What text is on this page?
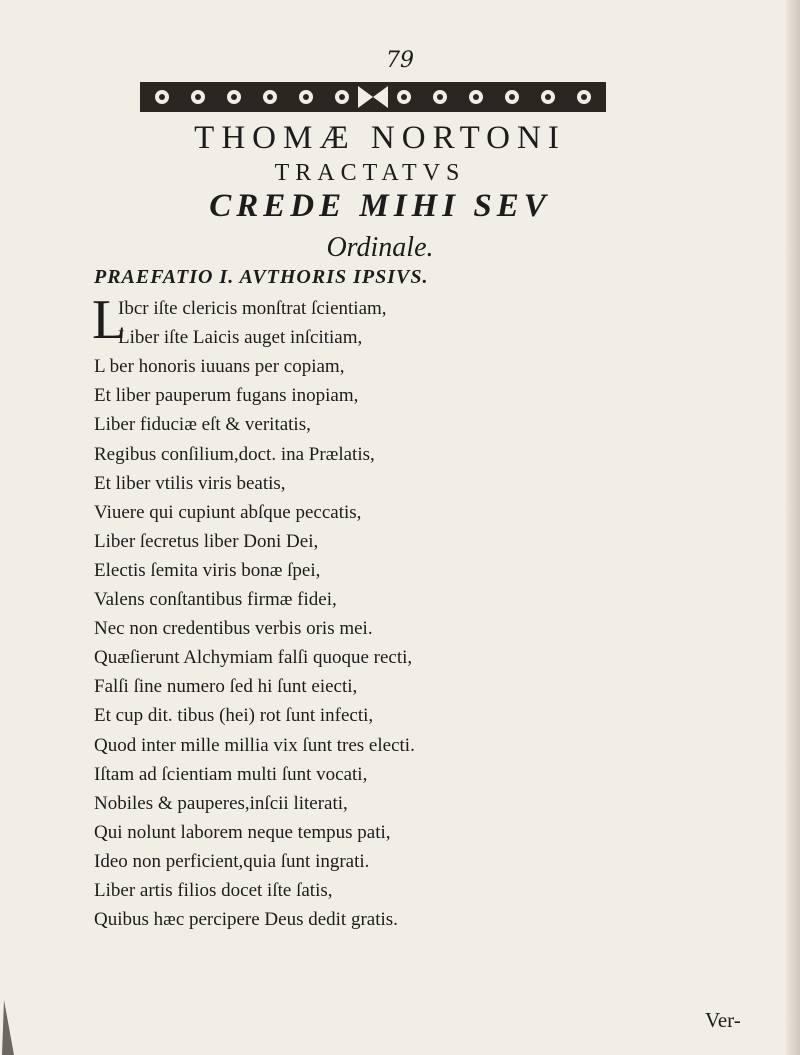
79
THOMÆ NORTONI
TRACTATVS
CREDE MIHI SEV
Ordinale.
PRAEFATIO I. AVTHORIS IPSIVS.
L
Ibcr iſte clericis monſtrat ſcientiam,
Liber iſte Laicis auget inſcitiam,
L ber honoris iuuans per copiam,
Et liber pauperum fugans inopiam,
Liber fiduciæ eſt & veritatis,
Regibus conſilium,doct. ina Prælatis,
Et liber vtilis viris beatis,
Viuere qui cupiunt abſque peccatis,
Liber ſecretus liber Doni Dei,
Electis ſemita viris bonæ ſpei,
Valens conſtantibus firmæ fidei,
Nec non credentibus verbis oris mei.
Quæſierunt Alchymiam falſi quoque recti,
Falſi ſine numero ſed hi ſunt eiecti,
Et cup dit. tibus (hei) rot ſunt infecti,
Quod inter mille millia vix ſunt tres electi.
Iſtam ad ſcientiam multi ſunt vocati,
Nobiles & pauperes,inſcii literati,
Qui nolunt laborem neque tempus pati,
Ideo non perficient,quia ſunt ingrati.
Liber artis filios docet iſte ſatis,
Quibus hæc percipere Deus dedit gratis.
Ver-
